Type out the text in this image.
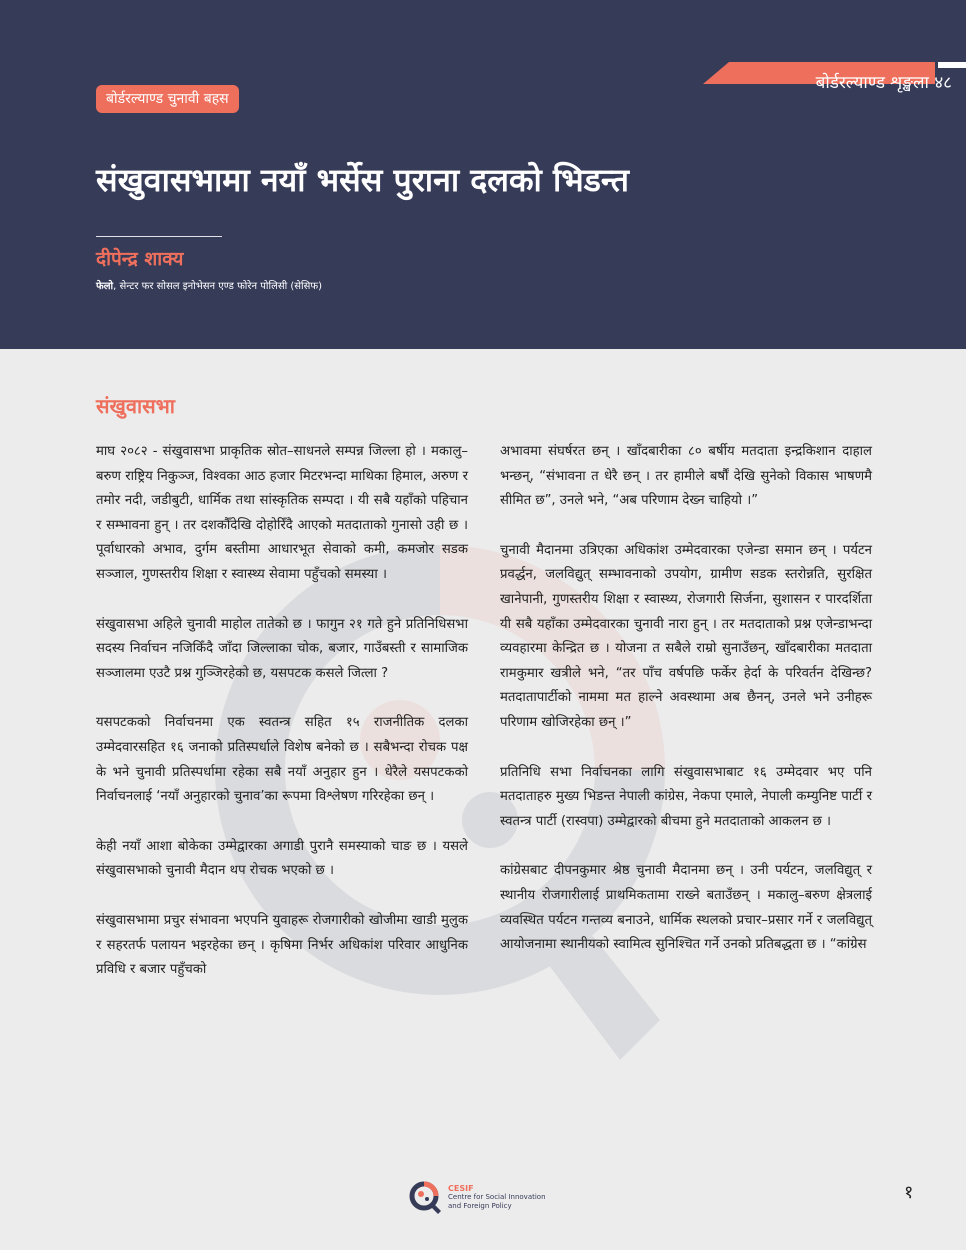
बोर्डरल्याण्ड शृङ्खला ४८
बोर्डरल्याण्ड चुनावी बहस
संखुवासभामा नयाँ भर्सेस पुराना दलको भिडन्त
दीपेन्द्र शाक्य
फेलो, सेन्टर फर सोसल इनोभेसन एण्ड फोरेन पोलिसी (सेसिफ)
संखुवासभा

माघ २०८२ - संखुवासभा प्राकृतिक स्रोत–साधनले सम्पन्न जिल्ला हो । मकालु–बरुण राष्ट्रिय निकुञ्ज, विश्वका आठ हजार मिटरभन्दा माथिका हिमाल, अरुण र तमोर नदी, जडीबुटी, धार्मिक तथा सांस्कृतिक सम्पदा । यी सबै यहाँको पहिचान र सम्भावना हुन् । तर दशकौँदेखि दोहोरिँदै आएको मतदाताको गुनासो उही छ । पूर्वाधारको अभाव, दुर्गम बस्तीमा आधारभूत सेवाको कमी, कमजोर सडक सञ्जाल, गुणस्तरीय शिक्षा र स्वास्थ्य सेवामा पहुँचको समस्या ।

संखुवासभा अहिले चुनावी माहोल तातेको छ । फागुन २१ गते हुने प्रतिनिधिसभा सदस्य निर्वाचन नजिकिँदै जाँदा जिल्लाका चोक, बजार, गाउँबस्ती र सामाजिक सञ्जालमा एउटै प्रश्न गुञ्जिरहेको छ, यसपटक कसले जित्ला ?

यसपटकको निर्वाचनमा एक स्वतन्त्र सहित १५ राजनीतिक दलका उम्मेदवारसहित १६ जनाको प्रतिस्पर्धाले विशेष बनेको छ । सबैभन्दा रोचक पक्ष के भने चुनावी प्रतिस्पर्धामा रहेका सबै नयाँ अनुहार हुन । धेरैले यसपटकको निर्वाचनलाई ‘नयाँ अनुहारको चुनाव’का रूपमा विश्लेषण गरिरहेका छन् ।

केही नयाँ आशा बोकेका उम्मेद्वारका अगाडी पुरानै समस्याको चाङ छ । यसले संखुवासभाको चुनावी मैदान थप रोचक भएको छ ।

संखुवासभामा प्रचुर संभावना भएपनि युवाहरू रोजगारीको खोजीमा खाडी मुलुक र सहरतर्फ पलायन भइरहेका छन् । कृषिमा निर्भर अधिकांश परिवार आधुनिक प्रविधि र बजार पहुँचको

अभावमा संघर्षरत छन् । खाँदबारीका ८० बर्षीय मतदाता इन्द्रकिशान दाहाल भन्छन्, “संभावना त धेरै छन् । तर हामीले बर्षौं देखि सुनेको विकास भाषणमै सीमित छ”, उनले भने, “अब परिणाम देख्न चाहियो ।”

चुनावी मैदानमा उत्रिएका अधिकांश उम्मेदवारका एजेन्डा समान छन् । पर्यटन प्रवर्द्धन, जलविद्युत् सम्भावनाको उपयोग, ग्रामीण सडक स्तरोन्नति, सुरक्षित खानेपानी, गुणस्तरीय शिक्षा र स्वास्थ्य, रोजगारी सिर्जना, सुशासन र पारदर्शिता यी सबै यहाँका उम्मेदवारका चुनावी नारा हुन् । तर मतदाताको प्रश्न एजेन्डाभन्दा व्यवहारमा केन्द्रित छ । योजना त सबैले राम्रो सुनाउँछन्, खाँदबारीका मतदाता रामकुमार खत्रीले भने, “तर पाँच वर्षपछि फर्केर हेर्दा के परिवर्तन देखिन्छ? मतदातापार्टीको नाममा मत हाल्ने अवस्थामा अब छैनन्, उनले भने उनीहरू परिणाम खोजिरहेका छन् ।”

प्रतिनिधि सभा निर्वाचनका लागि संखुवासभाबाट १६ उम्मेदवार भए पनि मतदाताहरु मुख्य भिडन्त नेपाली कांग्रेस, नेकपा एमाले, नेपाली कम्युनिष्ट पार्टी र स्वतन्त्र पार्टी (रास्वपा) उम्मेद्वारको बीचमा हुने मतदाताको आकलन छ ।

कांग्रेसबाट दीपनकुमार श्रेष्ठ चुनावी मैदानमा छन् । उनी पर्यटन, जलविद्युत् र स्थानीय रोजगारीलाई प्राथमिकतामा राख्ने बताउँछन् । मकालु–बरुण क्षेत्रलाई व्यवस्थित पर्यटन गन्तव्य बनाउने, धार्मिक स्थलको प्रचार–प्रसार गर्ने र जलविद्युत् आयोजनामा स्थानीयको स्वामित्व सुनिश्चित गर्ने उनको प्रतिबद्धता छ । “कांग्रेस

CESIF
Centre for Social Innovation
and Foreign Policy
१
